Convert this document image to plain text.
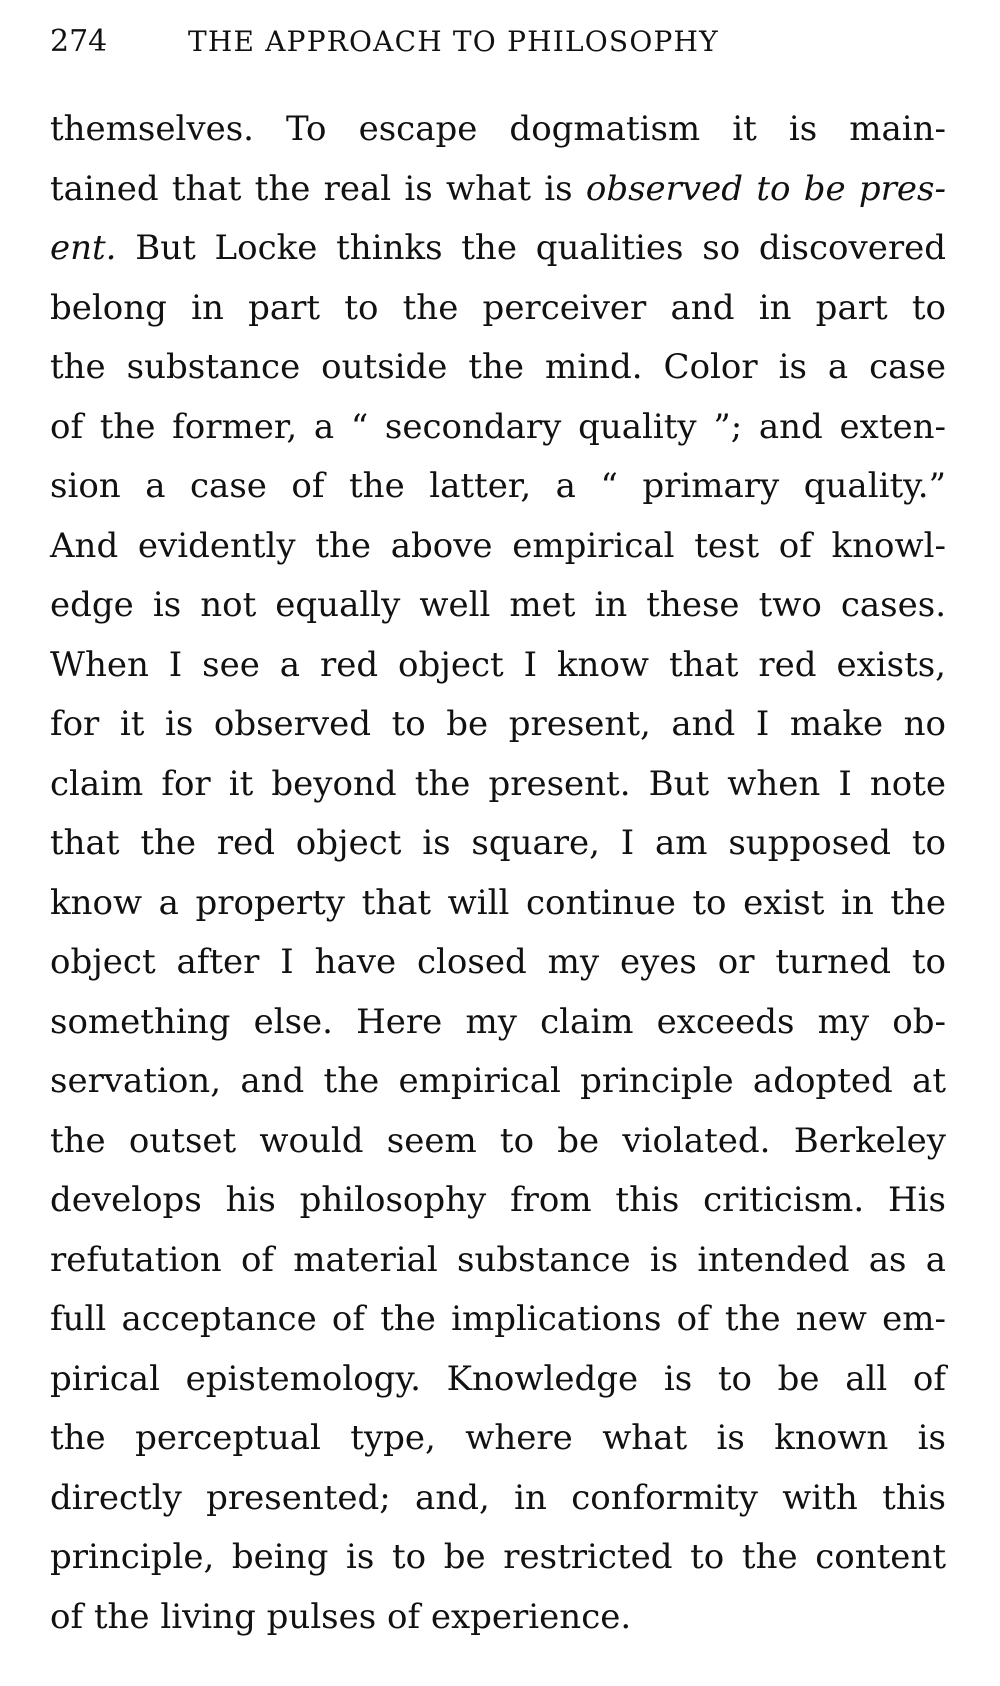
274	THE APPROACH TO PHILOSOPHY
themselves. To escape dogmatism it is main-
tained that the real is what is observed to be pres-
ent. But Locke thinks the qualities so discovered
belong in part to the perceiver and in part to
the substance outside the mind. Color is a case
of the former, a “ secondary quality ”; and exten-
sion a case of the latter, a “ primary quality.”
And evidently the above empirical test of knowl-
edge is not equally well met in these two cases.
When I see a red object I know that red exists,
for it is observed to be present, and I make no
claim for it beyond the present. But when I note
that the red object is square, I am supposed to
know a property that will continue to exist in the
object after I have closed my eyes or turned to
something else. Here my claim exceeds my ob-
servation, and the empirical principle adopted at
the outset would seem to be violated. Berkeley
develops his philosophy from this criticism. His
refutation of material substance is intended as a
full acceptance of the implications of the new em-
pirical epistemology. Knowledge is to be all of
the perceptual type, where what is known is
directly presented; and, in conformity with this
principle, being is to be restricted to the content
of the living pulses of experience.
